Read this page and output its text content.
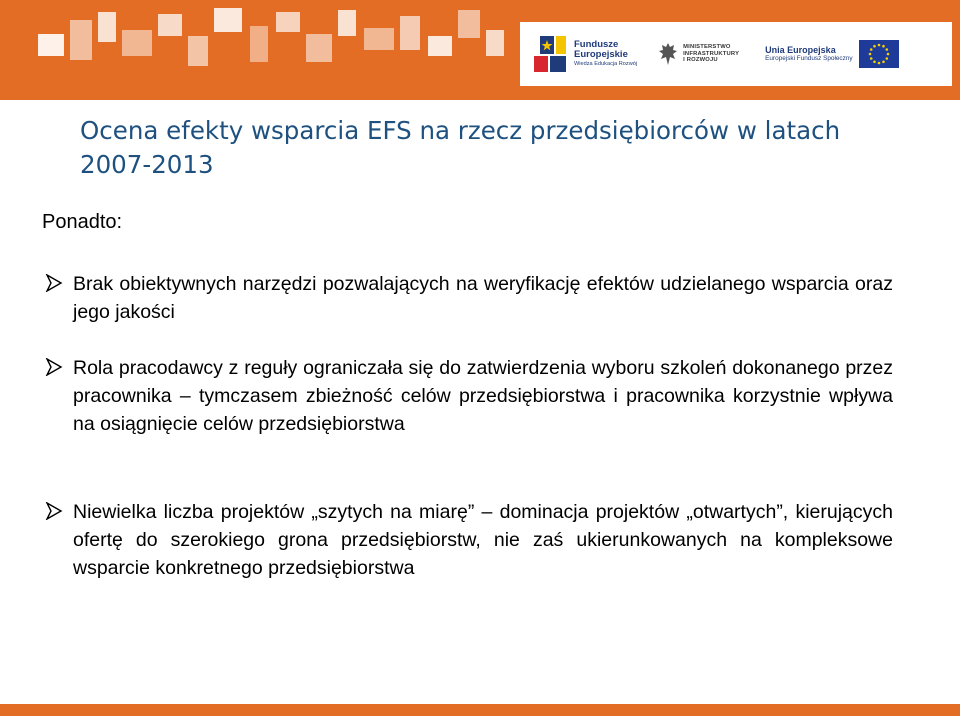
Fundusze
Europejskie
Wiedza Edukacja Rozwój
MINISTERSTWO
INFRASTRUKTURY
I ROZWOJU
Unia Europejska
Europejski Fundusz Społeczny
Ocena efekty wsparcia EFS na rzecz przedsiębiorców w latach 2007-2013

Ponadto:

Brak obiektywnych narzędzi pozwalających na weryfikację efektów udzielanego wsparcia oraz jego jakości
Rola pracodawcy z reguły ograniczała się do zatwierdzenia wyboru szkoleń dokonanego przez pracownika – tymczasem zbieżność celów przedsiębiorstwa i pracownika korzystnie wpływa na osiągnięcie celów przedsiębiorstwa
Niewielka liczba projektów „szytych na miarę” – dominacja projektów „otwartych”, kierujących ofertę do szerokiego grona przedsiębiorstw, nie zaś ukierunkowanych na kompleksowe wsparcie konkretnego przedsiębiorstwa
